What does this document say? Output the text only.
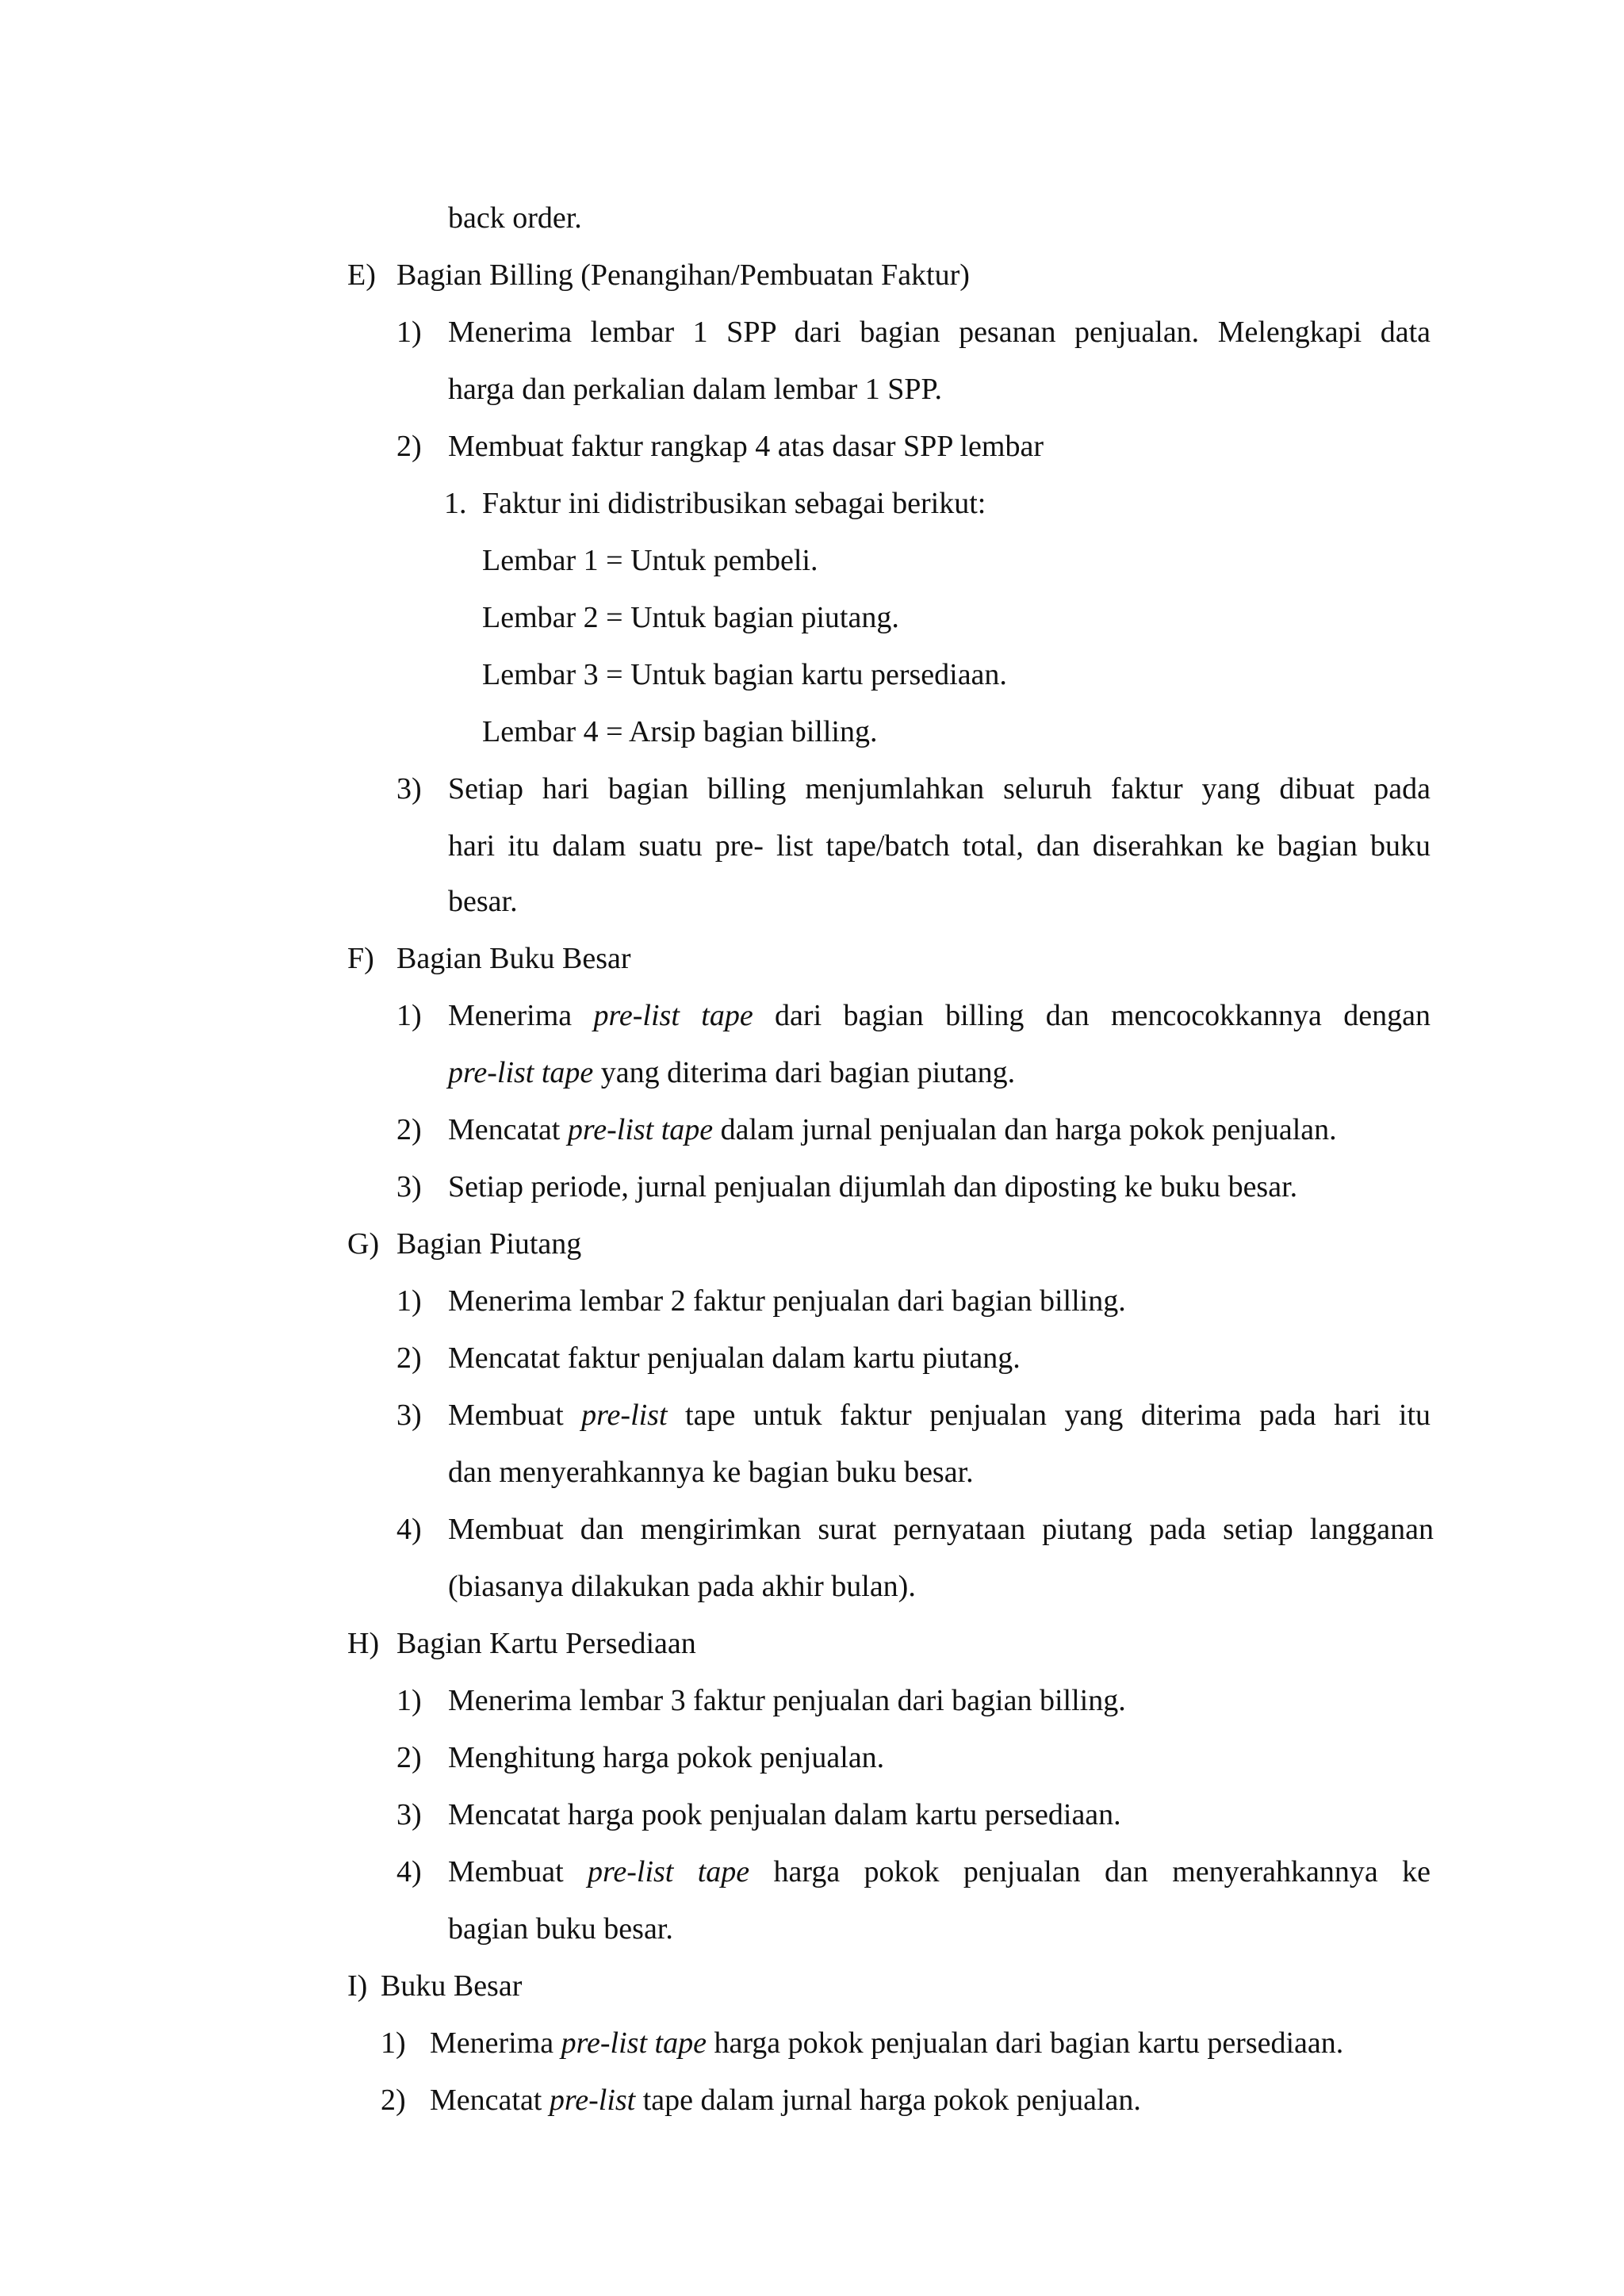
back order.
E) Bagian Billing (Penangihan/Pembuatan Faktur)
1) Menerima lembar 1 SPP dari bagian pesanan penjualan. Melengkapi data
harga dan perkalian dalam lembar 1 SPP.
2) Membuat faktur rangkap 4 atas dasar SPP lembar
1. Faktur ini didistribusikan sebagai berikut:
Lembar 1 = Untuk pembeli.
Lembar 2 = Untuk bagian piutang.
Lembar 3 = Untuk bagian kartu persediaan.
Lembar 4 = Arsip bagian billing.
3) Setiap hari bagian billing menjumlahkan seluruh faktur yang dibuat pada
hari itu dalam suatu pre- list tape/batch total, dan diserahkan ke bagian buku
besar.
F) Bagian Buku Besar
1) Menerima pre-list tape dari bagian billing dan mencocokkannya dengan
pre-list tape yang diterima dari bagian piutang.
2) Mencatat pre-list tape dalam jurnal penjualan dan harga pokok penjualan.
3) Setiap periode, jurnal penjualan dijumlah dan diposting ke buku besar.
G) Bagian Piutang
1) Menerima lembar 2 faktur penjualan dari bagian billing.
2) Mencatat faktur penjualan dalam kartu piutang.
3) Membuat pre-list tape untuk faktur penjualan yang diterima pada hari itu
dan menyerahkannya ke bagian buku besar.
4) Membuat dan mengirimkan surat pernyataan piutang pada setiap langganan
(biasanya dilakukan pada akhir bulan).
H) Bagian Kartu Persediaan
1) Menerima lembar 3 faktur penjualan dari bagian billing.
2) Menghitung harga pokok penjualan.
3) Mencatat harga pook penjualan dalam kartu persediaan.
4) Membuat pre-list tape harga pokok penjualan dan menyerahkannya ke
bagian buku besar.
I) Buku Besar
1) Menerima pre-list tape harga pokok penjualan dari bagian kartu persediaan.
2) Mencatat pre-list tape dalam jurnal harga pokok penjualan.
